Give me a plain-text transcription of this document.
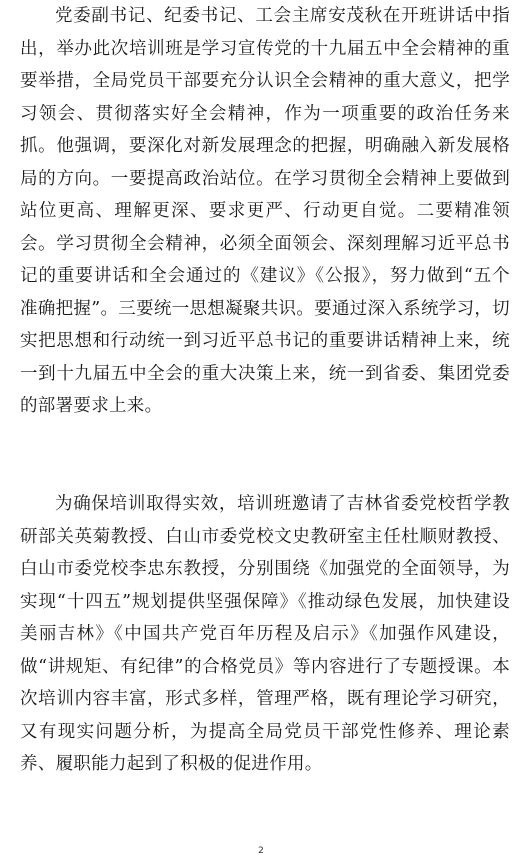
党委副书记、纪委书记、工会主席安茂秋在开班讲话中指出，举办此次培训班是学习宣传党的十九届五中全会精神的重要举措，全局党员干部要充分认识全会精神的重大意义，把学习领会、贯彻落实好全会精神，作为一项重要的政治任务来抓。他强调，要深化对新发展理念的把握，明确融入新发展格局的方向。一要提高政治站位。在学习贯彻全会精神上要做到站位更高、理解更深、要求更严、行动更自觉。二要精准领会。学习贯彻全会精神，必须全面领会、深刻理解习近平总书记的重要讲话和全会通过的《建议》《公报》，努力做到“五个准确把握”。三要统一思想凝聚共识。要通过深入系统学习，切实把思想和行动统一到习近平总书记的重要讲话精神上来，统一到十九届五中全会的重大决策上来，统一到省委、集团党委的部署要求上来。

为确保培训取得实效，培训班邀请了吉林省委党校哲学教研部关英菊教授、白山市委党校文史教研室主任杜顺财教授、白山市委党校李忠东教授，分别围绕《加强党的全面领导，为实现“十四五”规划提供坚强保障》《推动绿色发展，加快建设美丽吉林》《中国共产党百年历程及启示》《加强作风建设，做“讲规矩、有纪律”的合格党员》等内容进行了专题授课。本次培训内容丰富，形式多样，管理严格，既有理论学习研究，又有现实问题分析，为提高全局党员干部党性修养、理论素养、履职能力起到了积极的促进作用。

2
